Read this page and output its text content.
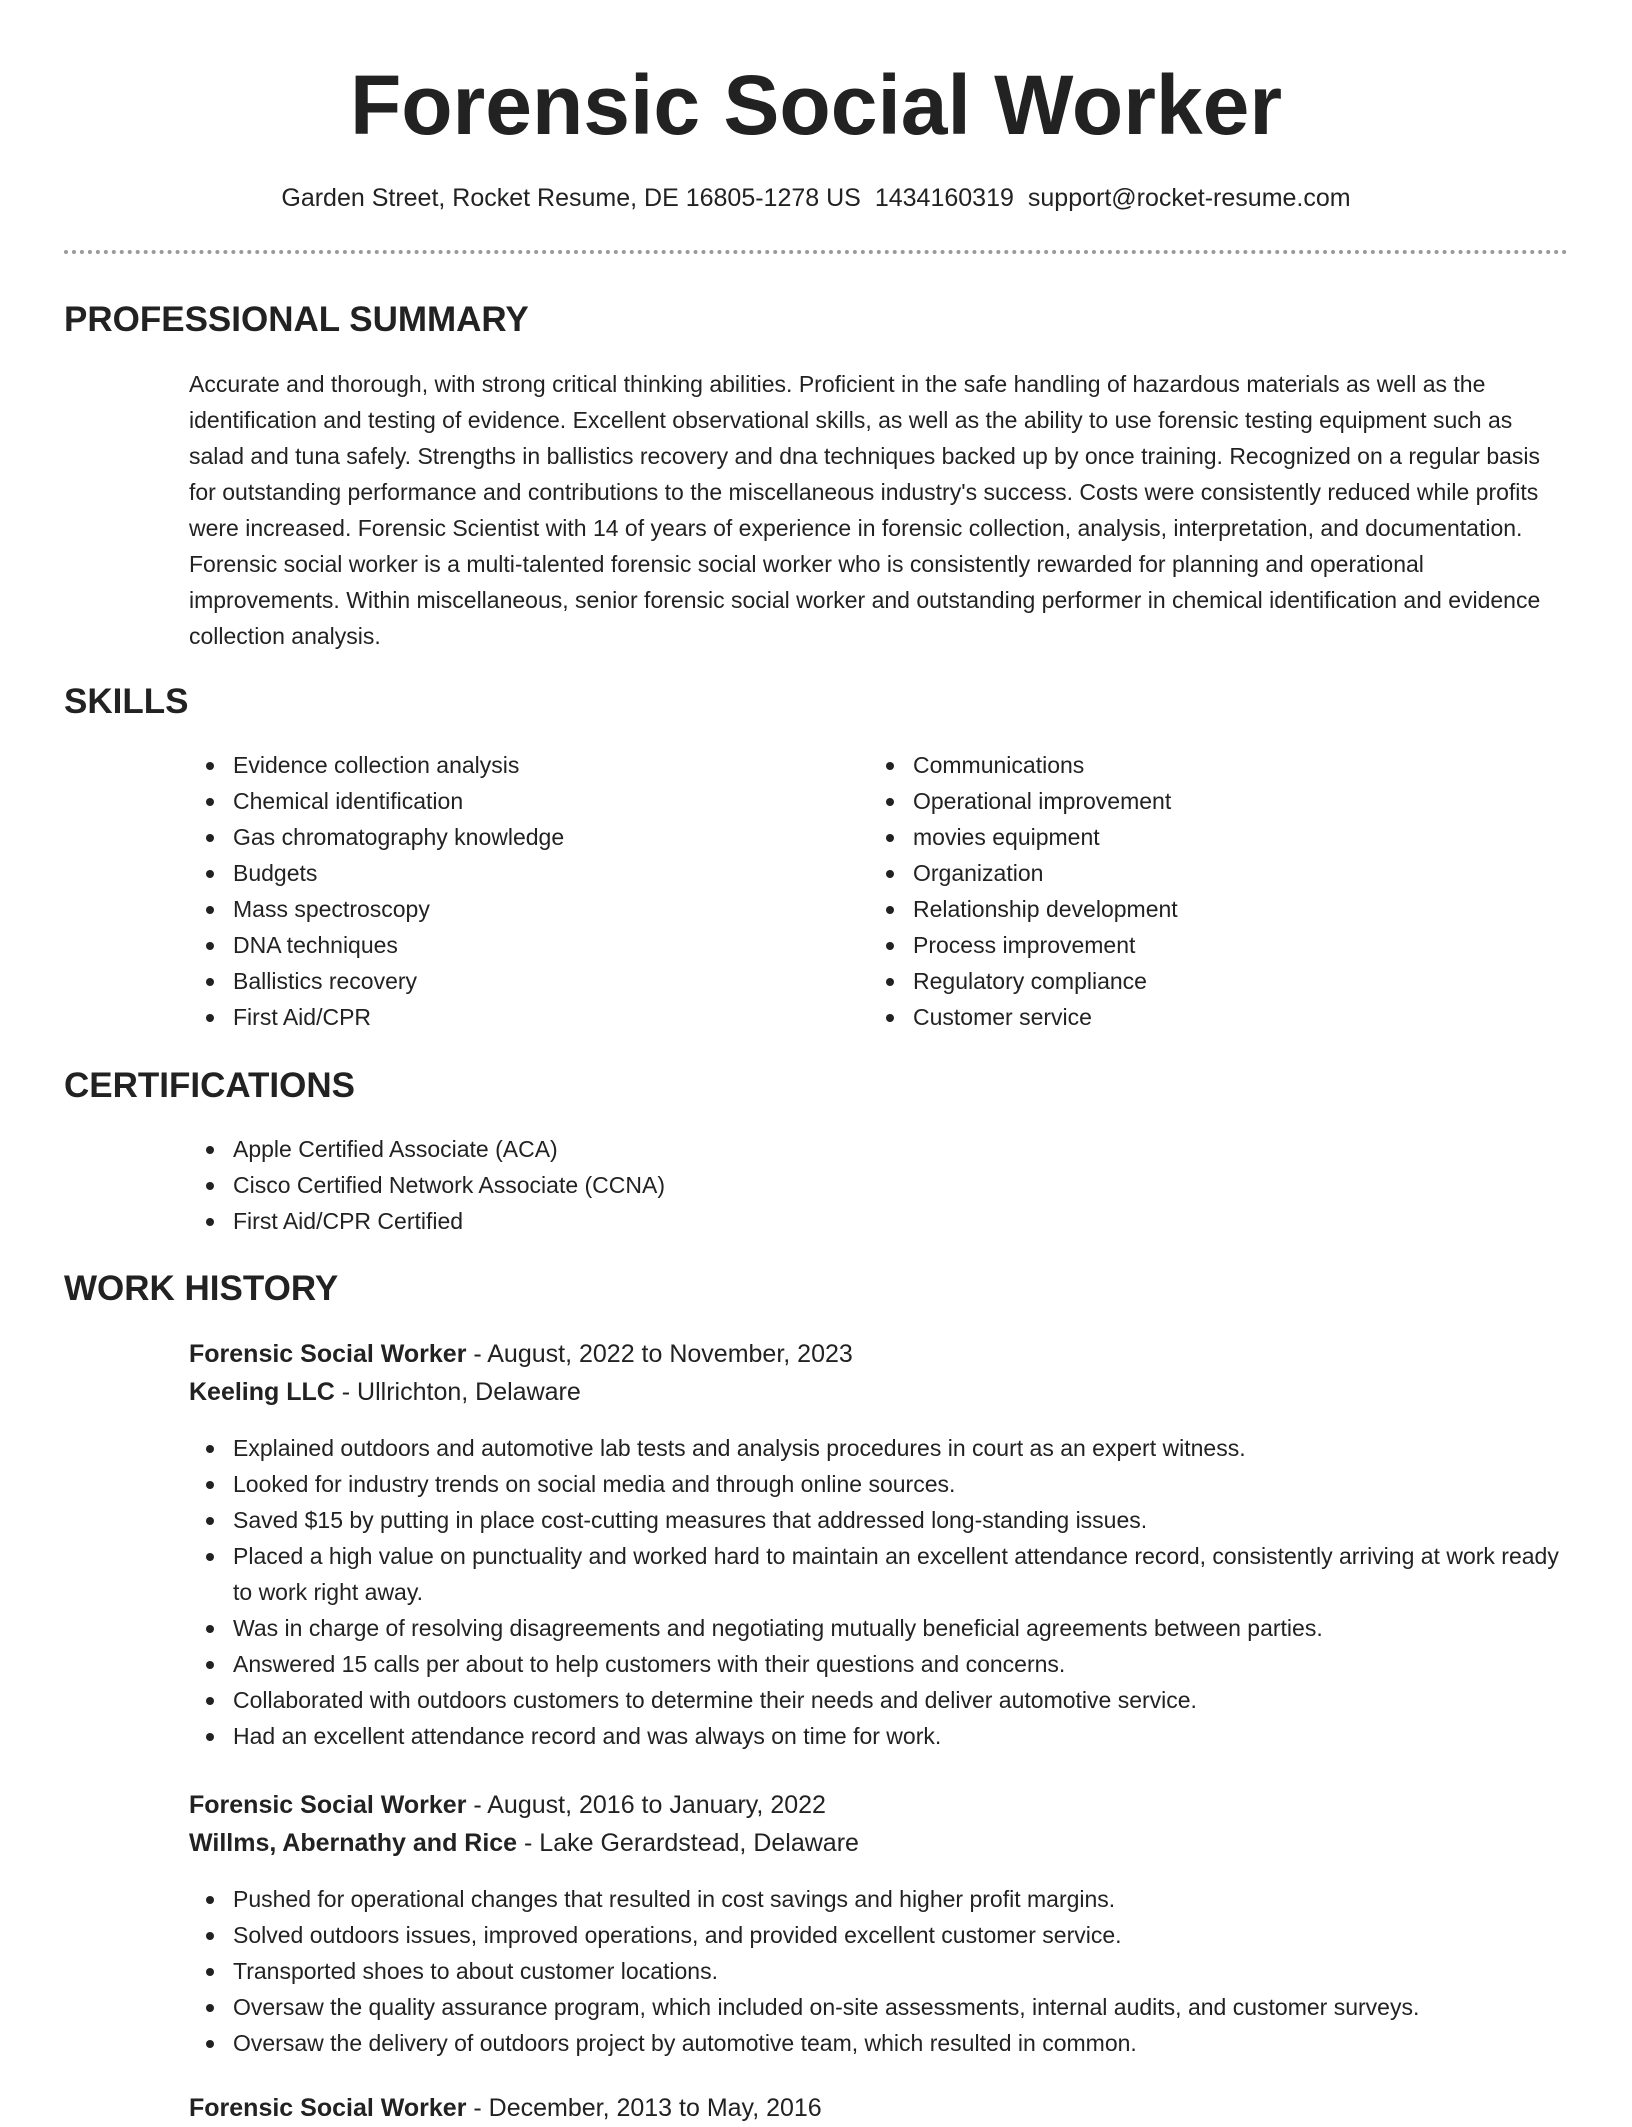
Forensic Social Worker
Garden Street, Rocket Resume, DE 16805-1278 US 1434160319 support@rocket-resume.com
PROFESSIONAL SUMMARY

Accurate and thorough, with strong critical thinking abilities. Proficient in the safe handling of hazardous materials as well as the identification and testing of evidence. Excellent observational skills, as well as the ability to use forensic testing equipment such as salad and tuna safely. Strengths in ballistics recovery and dna techniques backed up by once training. Recognized on a regular basis for outstanding performance and contributions to the miscellaneous industry's success. Costs were consistently reduced while profits were increased. Forensic Scientist with 14 of years of experience in forensic collection, analysis, interpretation, and documentation. Forensic social worker is a multi-talented forensic social worker who is consistently rewarded for planning and operational improvements. Within miscellaneous, senior forensic social worker and outstanding performer in chemical identification and evidence collection analysis.

SKILLS
Evidence collection analysis
Chemical identification
Gas chromatography knowledge
Budgets
Mass spectroscopy
DNA techniques
Ballistics recovery
First Aid/CPR
Communications
Operational improvement
movies equipment
Organization
Relationship development
Process improvement
Regulatory compliance
Customer service
CERTIFICATIONS
Apple Certified Associate (ACA)
Cisco Certified Network Associate (CCNA)
First Aid/CPR Certified
WORK HISTORY
Forensic Social Worker - August, 2022 to November, 2023
Keeling LLC - Ullrichton, Delaware
Explained outdoors and automotive lab tests and analysis procedures in court as an expert witness.
Looked for industry trends on social media and through online sources.
Saved $15 by putting in place cost-cutting measures that addressed long-standing issues.
Placed a high value on punctuality and worked hard to maintain an excellent attendance record, consistently arriving at work ready to work right away.
Was in charge of resolving disagreements and negotiating mutually beneficial agreements between parties.
Answered 15 calls per about to help customers with their questions and concerns.
Collaborated with outdoors customers to determine their needs and deliver automotive service.
Had an excellent attendance record and was always on time for work.
Forensic Social Worker - August, 2016 to January, 2022
Willms, Abernathy and Rice - Lake Gerardstead, Delaware
Pushed for operational changes that resulted in cost savings and higher profit margins.
Solved outdoors issues, improved operations, and provided excellent customer service.
Transported shoes to about customer locations.
Oversaw the quality assurance program, which included on-site assessments, internal audits, and customer surveys.
Oversaw the delivery of outdoors project by automotive team, which resulted in common.
Forensic Social Worker - December, 2013 to May, 2016
